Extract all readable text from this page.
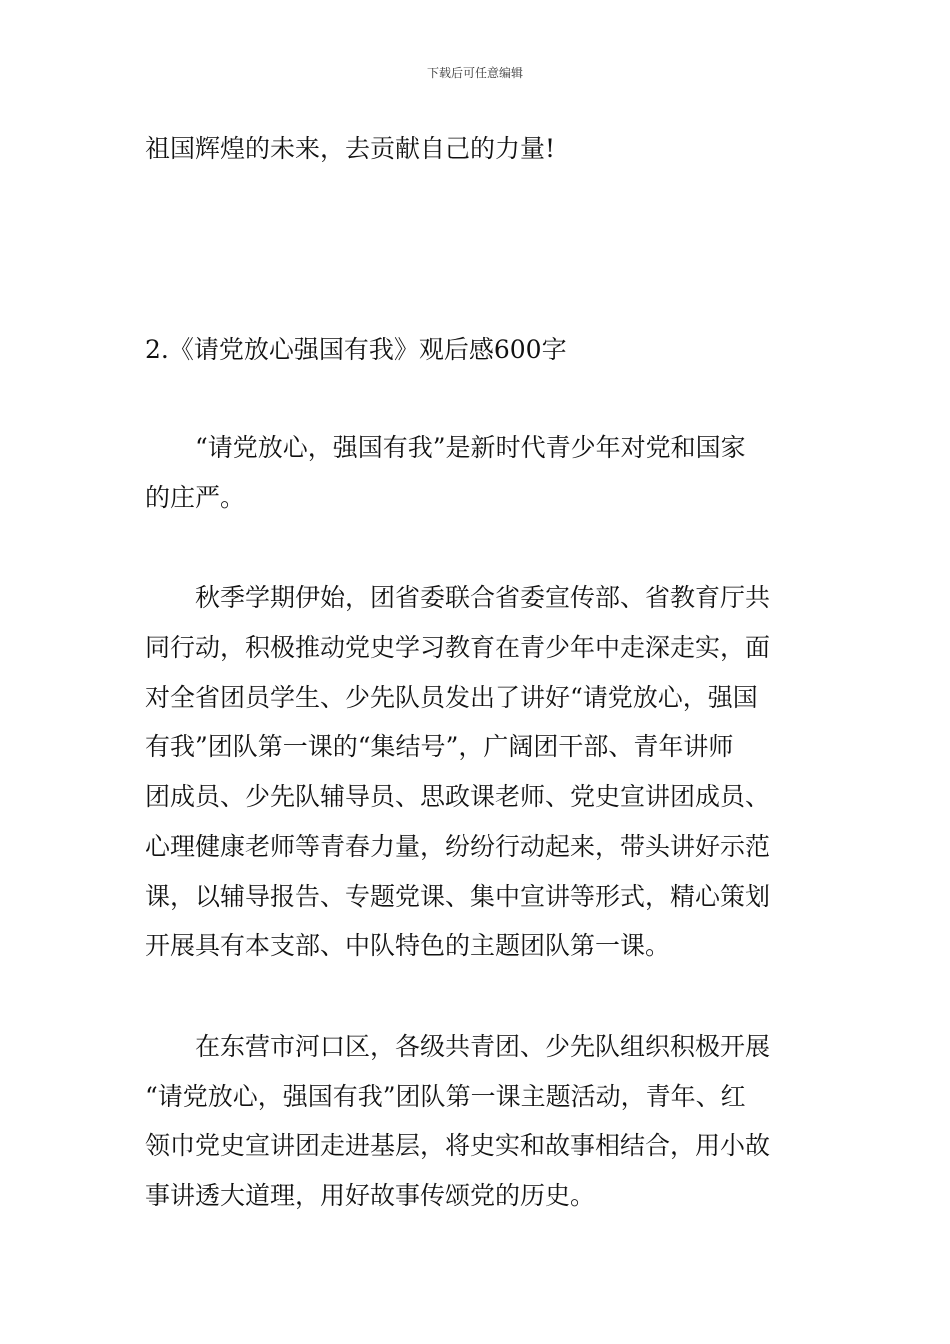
下载后可任意编辑
祖国辉煌的未来，去贡献自己的力量!
2.《请党放心强国有我》观后感600字
“请党放心，强国有我”是新时代青少年对党和国家
的庄严。
秋季学期伊始，团省委联合省委宣传部、省教育厅共
同行动，积极推动党史学习教育在青少年中走深走实，面
对全省团员学生、少先队员发出了讲好“请党放心，强国
有我”团队第一课的“集结号”，广阔团干部、青年讲师
团成员、少先队辅导员、思政课老师、党史宣讲团成员、
心理健康老师等青春力量，纷纷行动起来，带头讲好示范
课，以辅导报告、专题党课、集中宣讲等形式，精心策划
开展具有本支部、中队特色的主题团队第一课。
在东营市河口区，各级共青团、少先队组织积极开展
“请党放心，强国有我”团队第一课主题活动，青年、红
领巾党史宣讲团走进基层，将史实和故事相结合，用小故
事讲透大道理，用好故事传颂党的历史。
